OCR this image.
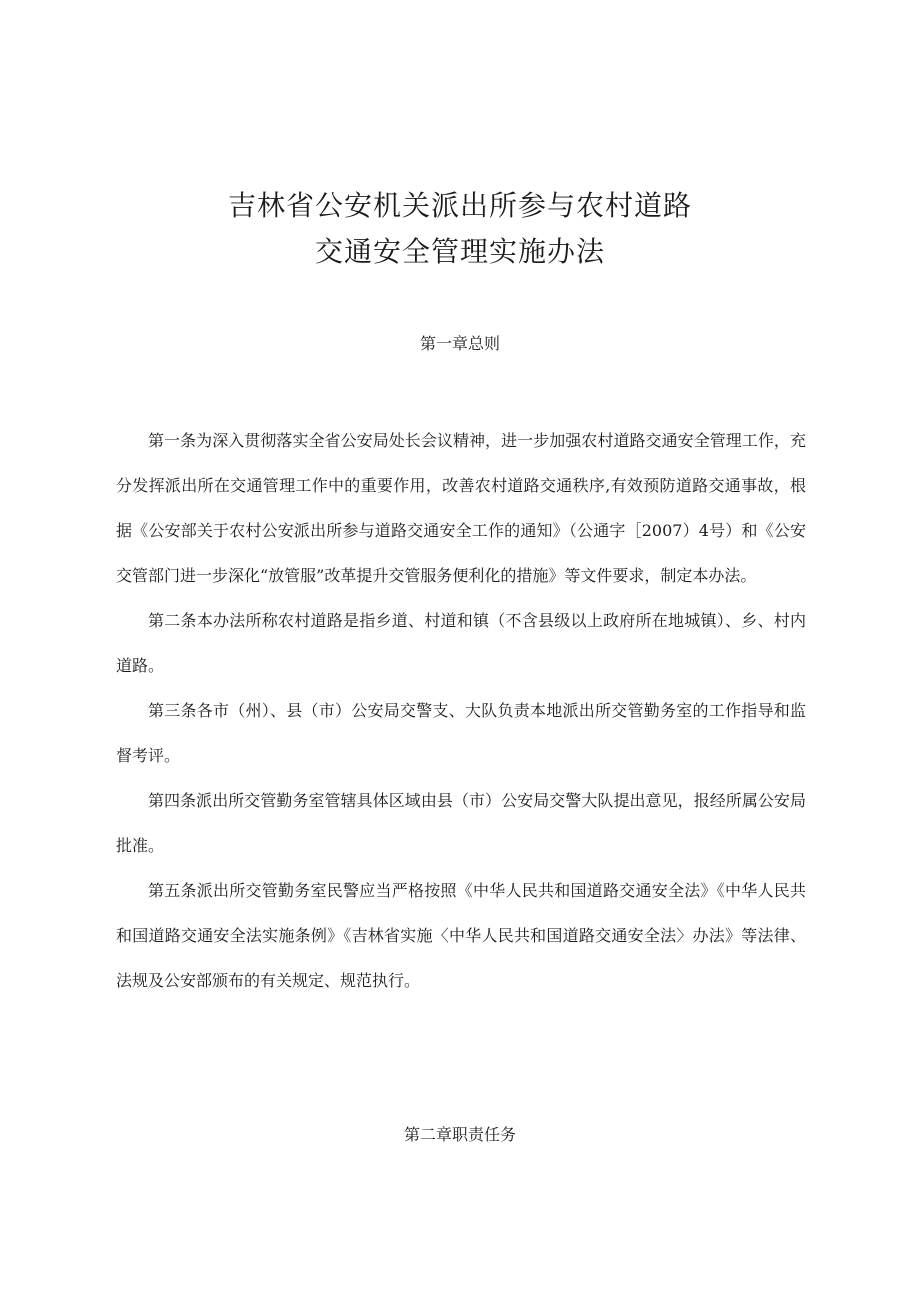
吉林省公安机关派出所参与农村道路
交通安全管理实施办法
第一章总则

第一条为深入贯彻落实全省公安局处长会议精神，进一步加强农村道路交通安全管理工作，充分发挥派出所在交通管理工作中的重要作用，改善农村道路交通秩序,有效预防道路交通事故，根据《公安部关于农村公安派出所参与道路交通安全工作的通知》（公通字［2007）4号）和《公安交管部门进一步深化“放管服”改革提升交管服务便利化的措施》等文件要求，制定本办法。

第二条本办法所称农村道路是指乡道、村道和镇（不含县级以上政府所在地城镇）、乡、村内道路。

第三条各市（州）、县（市）公安局交警支、大队负责本地派出所交管勤务室的工作指导和监督考评。

第四条派出所交管勤务室管辖具体区域由县（市）公安局交警大队提出意见，报经所属公安局批准。

第五条派出所交管勤务室民警应当严格按照《中华人民共和国道路交通安全法》《中华人民共和国道路交通安全法实施条例》《吉林省实施〈中华人民共和国道路交通安全法〉办法》等法律、法规及公安部颁布的有关规定、规范执行。

第二章职责任务
